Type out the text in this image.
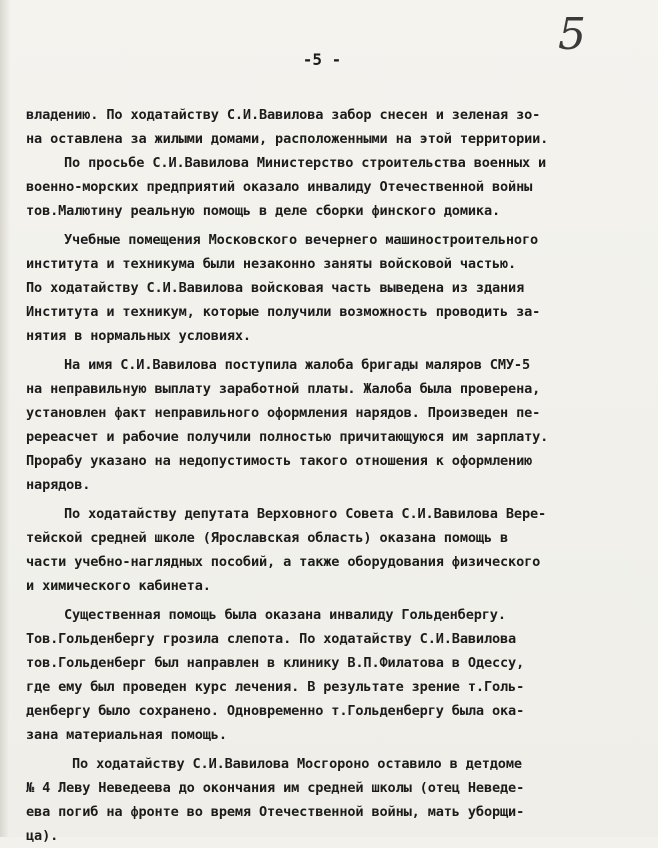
5
-5 -
владению. По ходатайству С.И.Вавилова забор снесен и зеленая зо-
на оставлена за жилыми домами, расположенными на этой территории.
По просьбе С.И.Вавилова Министерство строительства военных и
военно-морских предприятий оказало инвалиду Отечественной войны
тов.Малютину реальную помощь в деле сборки финского домика.
Учебные помещения Московского вечернего машиностроительного
института и техникума были незаконно заняты войсковой частью.
По ходатайству С.И.Вавилова войсковая часть выведена из здания
Института и техникум, которые получили возможность проводить за-
нятия в нормальных условиях.
На имя С.И.Вавилова поступила жалоба бригады маляров СМУ-5
на неправильную выплату заработной платы. Жалоба была проверена,
установлен факт неправильного оформления нарядов. Произведен пе-
ререасчет и рабочие получили полностью причитающуюся им зарплату.
Прорабу указано на недопустимость такого отношения к оформлению
нарядов.
По ходатайству депутата Верховного Совета С.И.Вавилова Вере-
тейской средней школе (Ярославская область) оказана помощь в
части учебно-наглядных пособий, а также оборудования физического
и химического кабинета.
Существенная помощь была оказана инвалиду Гольденбергу.
Тов.Гольденбергу грозила слепота. По ходатайству С.И.Вавилова
тов.Гольденберг был направлен в клинику В.П.Филатова в Одессу,
где ему был проведен курс лечения. В результате зрение т.Голь-
денбергу было сохранено. Одновременно т.Гольденбергу была ока-
зана материальная помощь.
По ходатайству С.И.Вавилова Мосгороно оставило в детдоме
№ 4 Леву Неведеева до окончания им средней школы (отец Неведе-
ева погиб на фронте во время Отечественной войны, мать уборщи-
ца).
